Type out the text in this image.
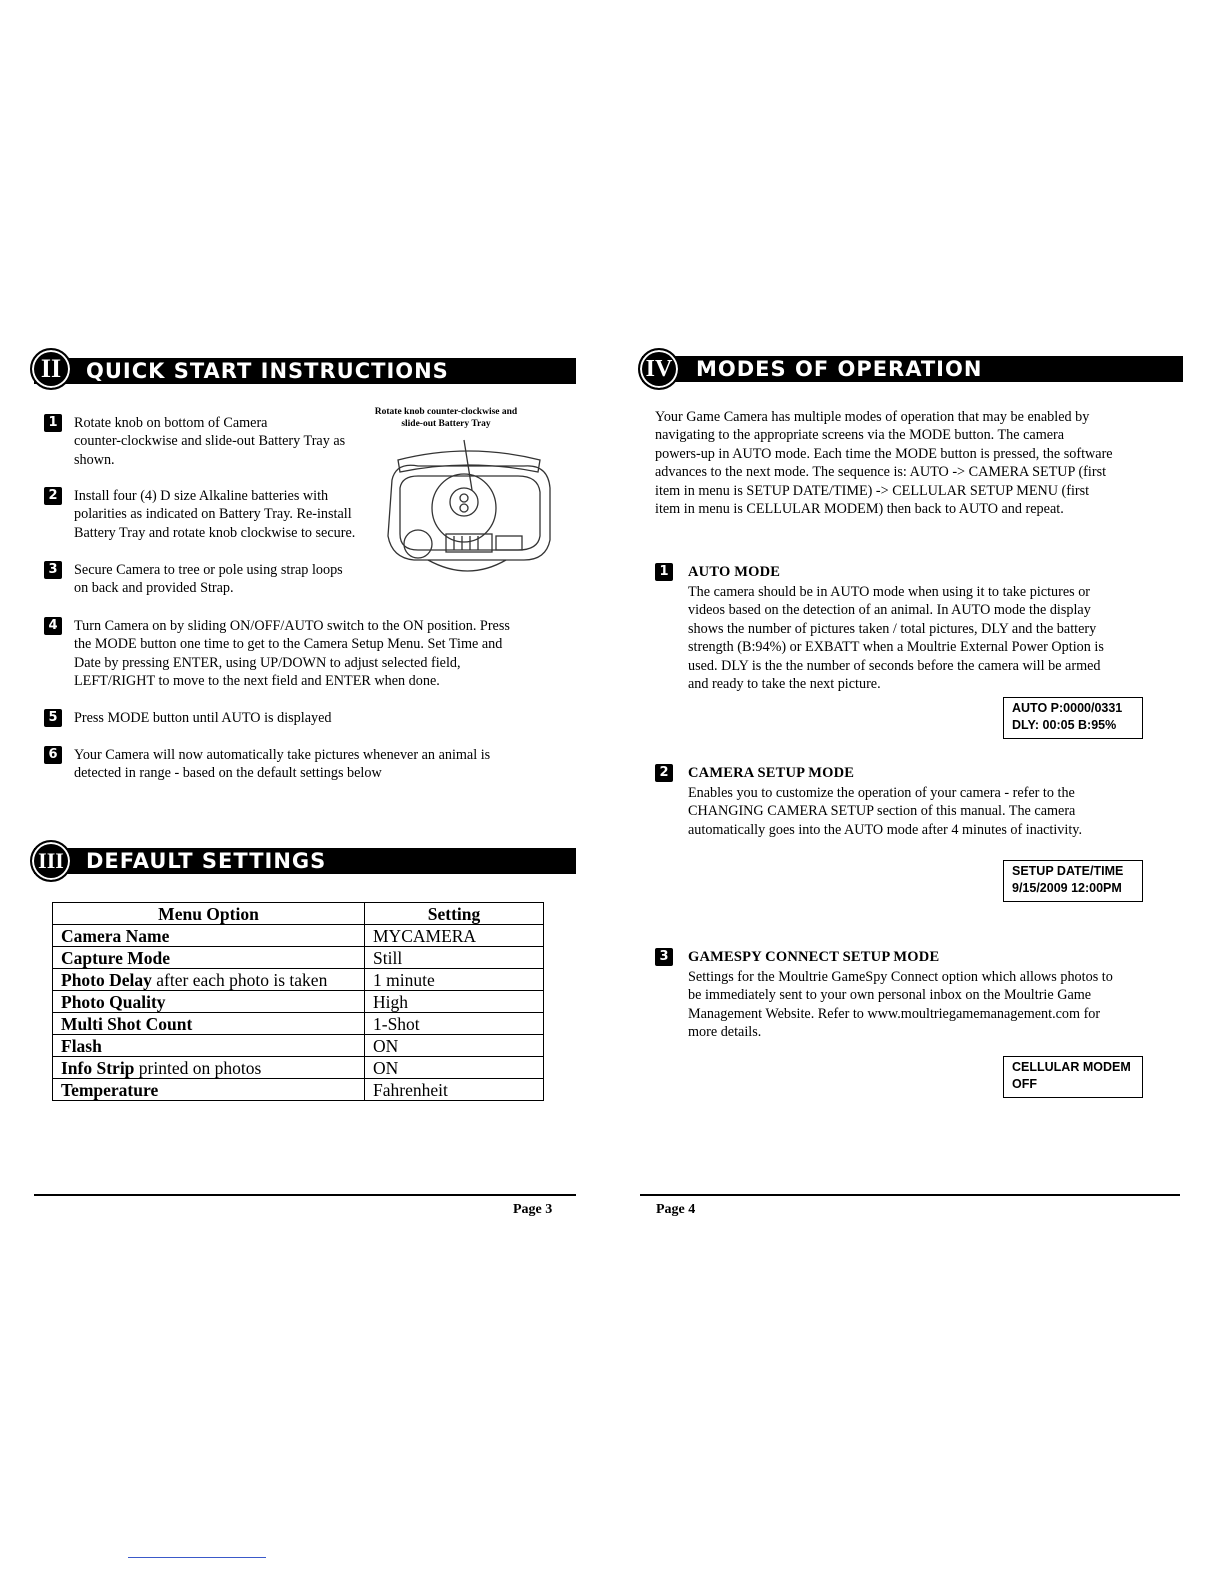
QUICK START INSTRUCTIONS
II
1	Rotate knob on bottom of Camera
counter-clockwise and slide-out Battery Tray as
shown.
Rotate knob counter-clockwise and slide-out Battery Tray
2	Install four (4) D size Alkaline batteries with
polarities as indicated on Battery Tray. Re-install
Battery Tray and rotate knob clockwise to secure.
3	Secure Camera to tree or pole using strap loops
on back and provided Strap.
4	Turn Camera on by sliding ON/OFF/AUTO switch to the ON position. Press
the MODE button one time to get to the Camera Setup Menu. Set Time and
Date by pressing ENTER, using UP/DOWN to adjust selected field,
LEFT/RIGHT to move to the next field and ENTER when done.
5	Press MODE button until AUTO is displayed
6	Your Camera will now automatically take pictures whenever an animal is
detected in range - based on the default settings below
DEFAULT SETTINGS
III
Menu Option	Setting
Camera Name	MYCAMERA
Capture Mode	Still
Photo Delay after each photo is taken	1 minute
Photo Quality	High
Multi Shot Count	1-Shot
Flash	ON
Info Strip printed on photos	ON
Temperature	Fahrenheit
Page 3
MODES OF OPERATION
IV
Your Game Camera has multiple modes of operation that may be enabled by
navigating to the appropriate screens via the MODE button. The camera
powers-up in AUTO mode. Each time the MODE button is pressed, the software
advances to the next mode. The sequence is: AUTO -> CAMERA SETUP (first
item in menu is SETUP DATE/TIME) -> CELLULAR SETUP MENU (first
item in menu is CELLULAR MODEM) then back to AUTO and repeat.
1	AUTO MODE
The camera should be in AUTO mode when using it to take pictures or
videos based on the detection of an animal. In AUTO mode the display
shows the number of pictures taken / total pictures, DLY and the battery
strength (B:94%) or EXBATT when a Moultrie External Power Option is
used. DLY is the the number of seconds before the camera will be armed
and ready to take the next picture.
AUTO P:0000/0331
DLY: 00:05 B:95%
2	CAMERA SETUP MODE
Enables you to customize the operation of your camera - refer to the
CHANGING CAMERA SETUP section of this manual. The camera
automatically goes into the AUTO mode after 4 minutes of inactivity.
SETUP DATE/TIME
9/15/2009 12:00PM
3	GAMESPY CONNECT SETUP MODE
Settings for the Moultrie GameSpy Connect option which allows photos to
be immediately sent to your own personal inbox on the Moultrie Game
Management Website. Refer to www.moultriegamemanagement.com for
more details.
CELLULAR MODEM
OFF
Page 4
